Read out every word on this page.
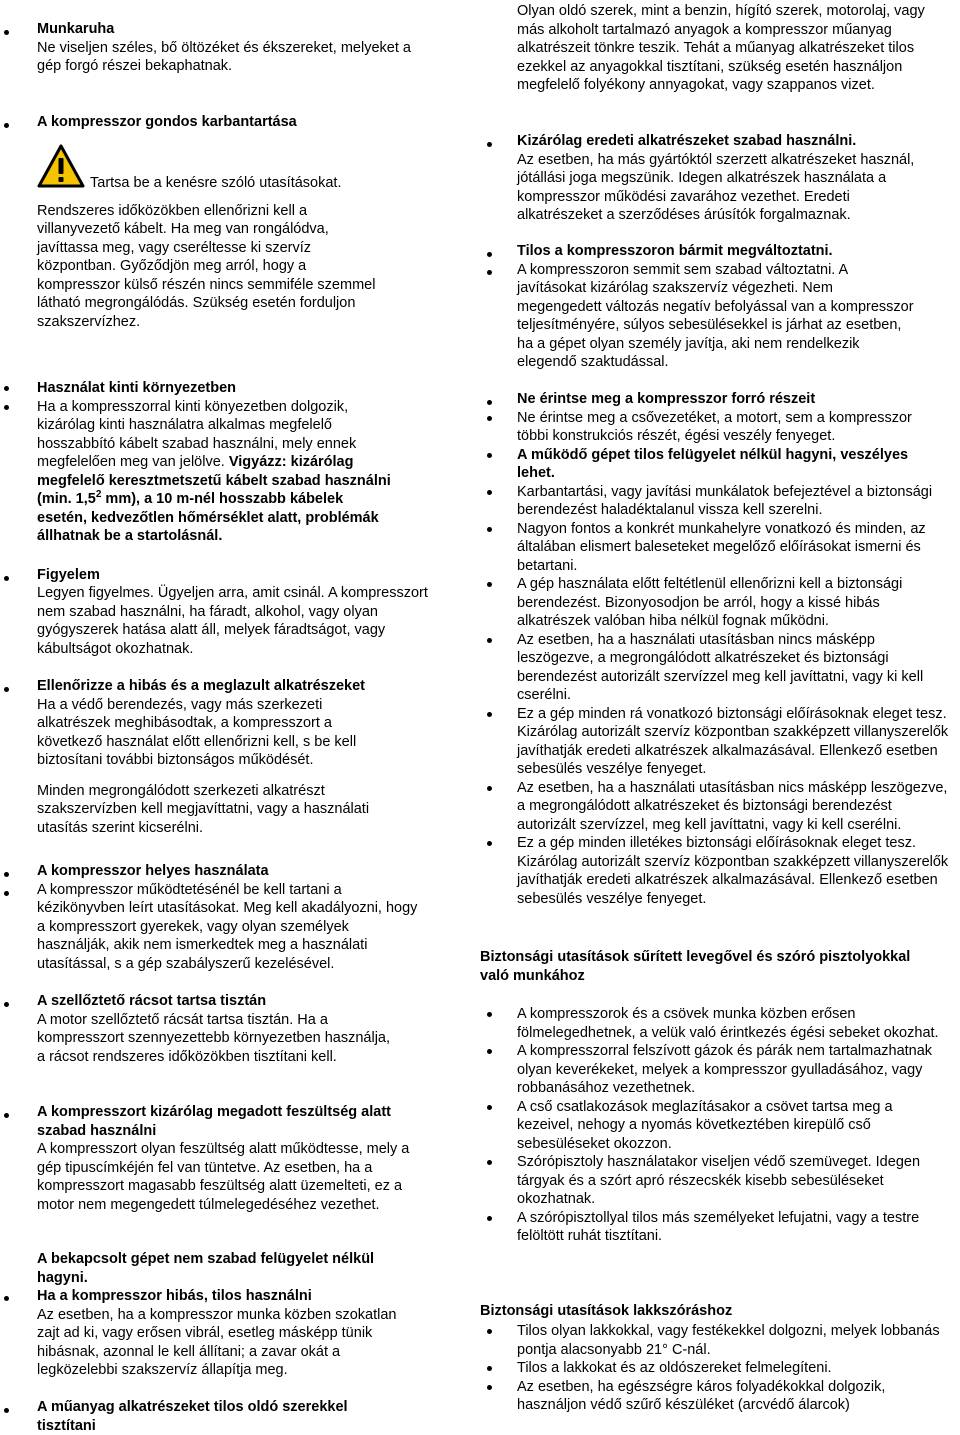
Munkaruha

Ne viseljen széles, bő öltözéket és ékszereket, melyeket a gép forgó részei bekaphatnak.

A kompresszor gondos karbantartása

Tartsa be a kenésre szóló utasításokat.

Rendszeres időközökben ellenőrizni kell a villanyvezető kábelt. Ha meg van rongálódva, javíttassa meg, vagy cseréltesse ki szervíz központban. Győződjön meg arról, hogy a kompresszor külső részén nincs semmiféle szemmel látható megrongálódás. Szükség esetén forduljon szakszervízhez.

Használat kinti környezetben

Ha a kompresszorral kinti könyezetben dolgozik, kizárólag kinti használatra alkalmas megfelelő hosszabbító kábelt szabad használni, mely ennek megfelelően meg van jelölve. Vigyázz: kizárólag megfelelő keresztmetszetű kábelt szabad használni (min. $1,5^2$ mm), a 10 m-nél hosszabb kábelek esetén, kedvezőtlen hőmérséklet alatt, problémák állhatnak be a startolásnál.

Figyelem

Legyen figyelmes. Ügyeljen arra, amit csinál. A kompresszort nem szabad használni, ha fáradt, alkohol, vagy olyan gyógyszerek hatása alatt áll, melyek fáradtságot, vagy kábultságot okozhatnak.

Ellenőrizze a hibás és a meglazult alkatrészeket

Ha a védő berendezés, vagy más szerkezeti alkatrészek meghibásodtak, a kompresszort a következő használat előtt ellenőrizni kell, s be kell biztosítani további biztonságos működését.

Minden megrongálódott szerkezeti alkatrészt szakszervízben kell megjavíttatni, vagy a használati utasítás szerint kicserélni.

A kompresszor helyes használata

A kompresszor működtetésénél be kell tartani a kézikönyvben leírt utasításokat. Meg kell akadályozni, hogy a kompresszort gyerekek, vagy olyan személyek használják, akik nem ismerkedtek meg a használati utasítással, s a gép szabályszerű kezelésével.

A szellőztető rácsot tartsa tisztán

A motor szellőztető rácsát tartsa tisztán. Ha a kompresszort szennyezettebb környezetben használja, a rácsot rendszeres időközökben tisztítani kell.

A kompresszort kizárólag megadott feszültség alatt szabad használni

A kompresszort olyan feszültség alatt működtesse, mely a gép tipuscímkéjén fel van tüntetve. Az esetben, ha a kompresszort magasabb feszültség alatt üzemelteti, ez a motor nem megengedett túlmelegedéséhez vezethet.

A bekapcsolt gépet nem szabad felügyelet nélkül hagyni.

Ha a kompresszor hibás, tilos használni

Az esetben, ha a kompresszor munka közben szokatlan zajt ad ki, vagy erősen vibrál, esetleg másképp tünik hibásnak, azonnal le kell állítani; a zavar okát a legközelebbi szakszervíz állapítja meg.

A műanyag alkatrészeket tilos oldó szerekkel tisztítani

Olyan oldó szerek, mint a benzin, hígító szerek, motorolaj, vagy más alkoholt tartalmazó anyagok a kompresszor műanyag alkatrészeit tönkre teszik. Tehát a műanyag alkatrészeket tilos ezekkel az anyagokkal tisztítani, szükség esetén használjon megfelelő folyékony annyagokat, vagy szappanos vizet.

Kizárólag eredeti alkatrészeket szabad használni.

Az esetben, ha más gyártóktól szerzett alkatrészeket használ, jótállási joga megszünik. Idegen alkatrészek használata a kompresszor működési zavarához vezethet. Eredeti alkatrészeket a szerződéses árúsítók forgalmaznak.

Tilos a kompresszoron bármit megváltoztatni.

A kompresszoron semmit sem szabad változtatni. A javításokat kizárólag szakszervíz végezheti. Nem megengedett változás negatív befolyással van a kompresszor teljesítményére, súlyos sebesülésekkel is járhat az esetben, ha a gépet olyan személy javítja, aki nem rendelkezik elegendő szaktudással.

Ne érintse meg a kompresszor forró részeit

Ne érintse meg a csővezetéket, a motort, sem a kompresszor többi konstrukciós részét, égési veszély fenyeget.

A működő gépet tilos felügyelet nélkül hagyni, veszélyes lehet.

Karbantartási, vagy javítási munkálatok befejeztével a biztonsági berendezést haladéktalanul vissza kell szerelni.

Nagyon fontos a konkrét munkahelyre vonatkozó és minden, az általában elismert baleseteket megelőző előírásokat ismerni és betartani.

A gép használata előtt feltétlenül ellenőrizni kell a biztonsági berendezést. Bizonyosodjon be arról, hogy a kissé hibás alkatrészek valóban hiba nélkül fognak működni.

Az esetben, ha a használati utasításban nincs másképp leszögezve, a megrongálódott alkatrészeket és biztonsági berendezést autorizált szervízzel meg kell javíttatni, vagy ki kell cserélni.

Ez a gép minden rá vonatkozó biztonsági előírásoknak eleget tesz. Kizárólag autorizált szervíz központban szakképzett villanyszerelők javíthatják eredeti alkatrészek alkalmazásával. Ellenkező esetben sebesülés veszélye fenyeget.

Az esetben, ha a használati utasításban nics másképp leszögezve, a megrongálódott alkatrészeket és biztonsági berendezést autorizált szervízzel, meg kell javíttatni, vagy ki kell cserélni.

Ez a gép minden illetékes biztonsági előírásoknak eleget tesz. Kizárólag autorizált szervíz központban szakképzett villanyszerelők javíthatják eredeti alkatrészek alkalmazásával. Ellenkező esetben sebesülés veszélye fenyeget.

Biztonsági utasítások sűrített levegővel és szóró pisztolyokkal való munkához

A kompresszorok és a csövek munka közben erősen fölmelegedhetnek, a velük való érintkezés égési sebeket okozhat.

A kompresszorral felszívott gázok és párák nem tartalmazhatnak olyan keverékeket, melyek a kompresszor gyulladásához, vagy robbanásához vezethetnek.

A cső csatlakozások meglazításakor a csövet tartsa meg a kezeivel, nehogy a nyomás következtében kirepülő cső sebesüléseket okozzon.

Szórópisztoly használatakor viseljen védő szemüveget. Idegen tárgyak és a szórt apró részecskék kisebb sebesüléseket okozhatnak.

A szórópisztollyal tilos más személyeket lefujatni, vagy a testre felöltött ruhát tisztítani.

Biztonsági utasítások lakkszóráshoz

Tilos olyan lakkokkal, vagy festékekkel dolgozni, melyek lobbanás pontja alacsonyabb 21° C-nál.

Tilos a lakkokat és az oldószereket felmelegíteni.

Az esetben, ha egészségre káros folyadékokkal dolgozik, használjon védő szűrő készüléket (arcvédő álarcok)
